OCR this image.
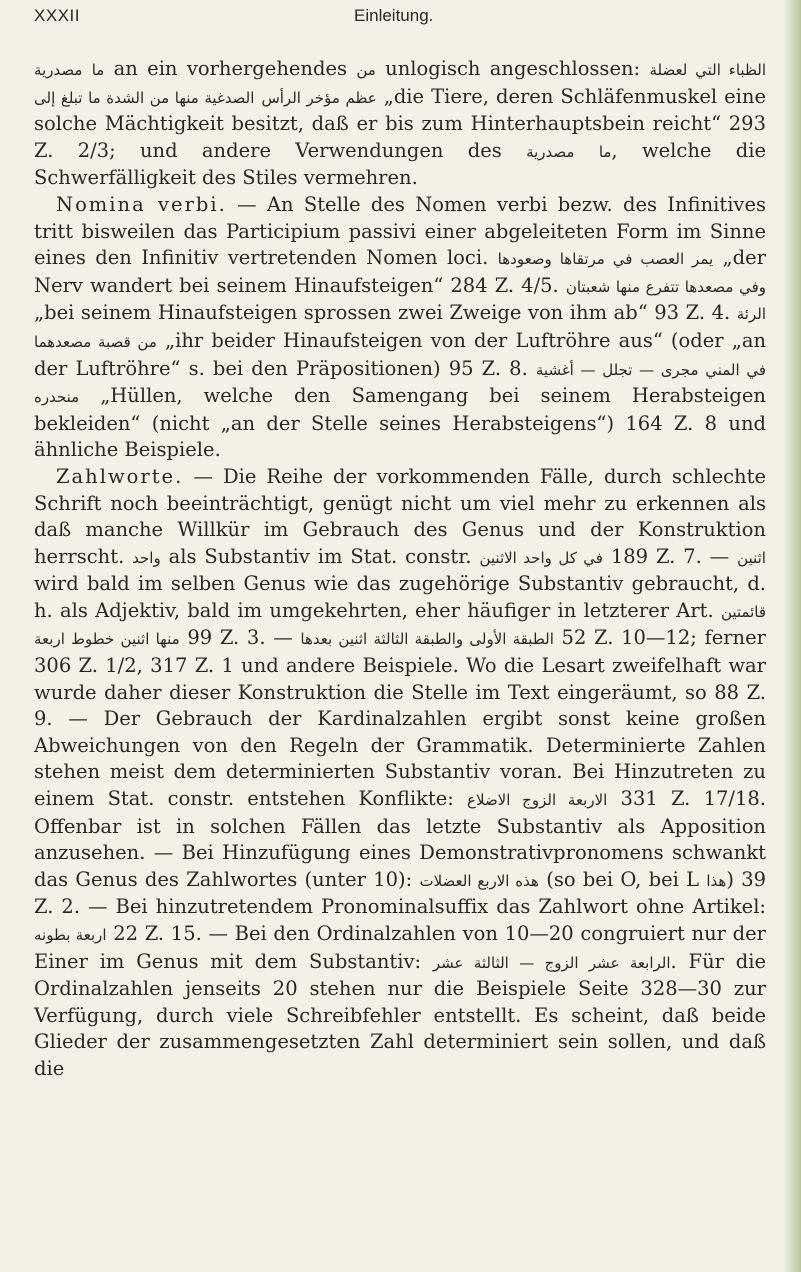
XXXII	Einleitung.

مصدرية ما an ein vorhergehendes من unlogisch angeschlossen: الظباء التي لعضلة الصدغية منها من الشدة ما تبلغ إلى عظم مؤخر الرأس „die Tiere, deren Schläfenmuskel eine solche Mächtigkeit besitzt, daß er bis zum Hinterhauptsbein reicht“ 293 Z. 2/3; und andere Verwendungen des مصدرية ما, welche die Schwerfälligkeit des Stiles vermehren.

Nomina verbi. — An Stelle des Nomen verbi bezw. des Infinitives tritt bisweilen das Participium passivi einer abgeleiteten Form im Sinne eines den Infinitiv vertretenden Nomen loci. يمر العصب في مرتقاها وصعودها „der Nerv wandert bei seinem Hinaufsteigen“ 284 Z. 4/5. وفي مصعدها تتفرع منها شعبتان „bei seinem Hinaufsteigen sprossen zwei Zweige von ihm ab“ 93 Z. 4. الرئة من قصبة مصعدهما „ihr beider Hinaufsteigen von der Luftröhre aus“ (oder „an der Luftröhre“ s. bei den Präpositionen) 95 Z. 8. في المني مجرى — تجلل — أغشية منحدره „Hüllen, welche den Samengang bei seinem Herabsteigen bekleiden“ (nicht „an der Stelle seines Herabsteigens“) 164 Z. 8 und ähnliche Beispiele.

Zahlworte. — Die Reihe der vorkommenden Fälle, durch schlechte Schrift noch beeinträchtigt, genügt nicht um viel mehr zu erkennen als daß manche Willkür im Gebrauch des Genus und der Konstruktion herrscht. واحد als Substantiv im Stat. constr. في كل واحد الاثنين 189 Z. 7. — اثنين wird bald im selben Genus wie das zugehörige Substantiv gebraucht, d. h. als Adjektiv, bald im umgekehrten, eher häufiger in letzterer Art. قائمتين منها اثنين خطوط اربعة 99 Z. 3. — الطبقة الأولى والطبقة الثالثة اثنين بعدها 52 Z. 10—12; ferner 306 Z. 1/2, 317 Z. 1 und andere Beispiele. Wo die Lesart zweifelhaft war wurde daher dieser Konstruktion die Stelle im Text eingeräumt, so 88 Z. 9. — Der Gebrauch der Kardinalzahlen ergibt sonst keine großen Abweichungen von den Regeln der Grammatik. Determinierte Zahlen stehen meist dem determinierten Substantiv voran. Bei Hinzutreten zu einem Stat. constr. entstehen Konflikte: الاربعة الزوج الاضلاع 331 Z. 17/18. Offenbar ist in solchen Fällen das letzte Substantiv als Apposition anzusehen. — Bei Hinzufügung eines Demonstrativpronomens schwankt das Genus des Zahlwortes (unter 10): هذه الاربع العضلات (so bei O, bei L هذا) 39 Z. 2. — Bei hinzutretendem Pronominalsuffix das Zahlwort ohne Artikel: اربعة بطونه 22 Z. 15. — Bei den Ordinalzahlen von 10—20 congruiert nur der Einer im Genus mit dem Substantiv: الرابعة عشر الزوج — الثالثة عشر. Für die Ordinalzahlen jenseits 20 stehen nur die Beispiele Seite 328—30 zur Verfügung, durch viele Schreibfehler entstellt. Es scheint, daß beide Glieder der zusammengesetzten Zahl determiniert sein sollen, und daß die
